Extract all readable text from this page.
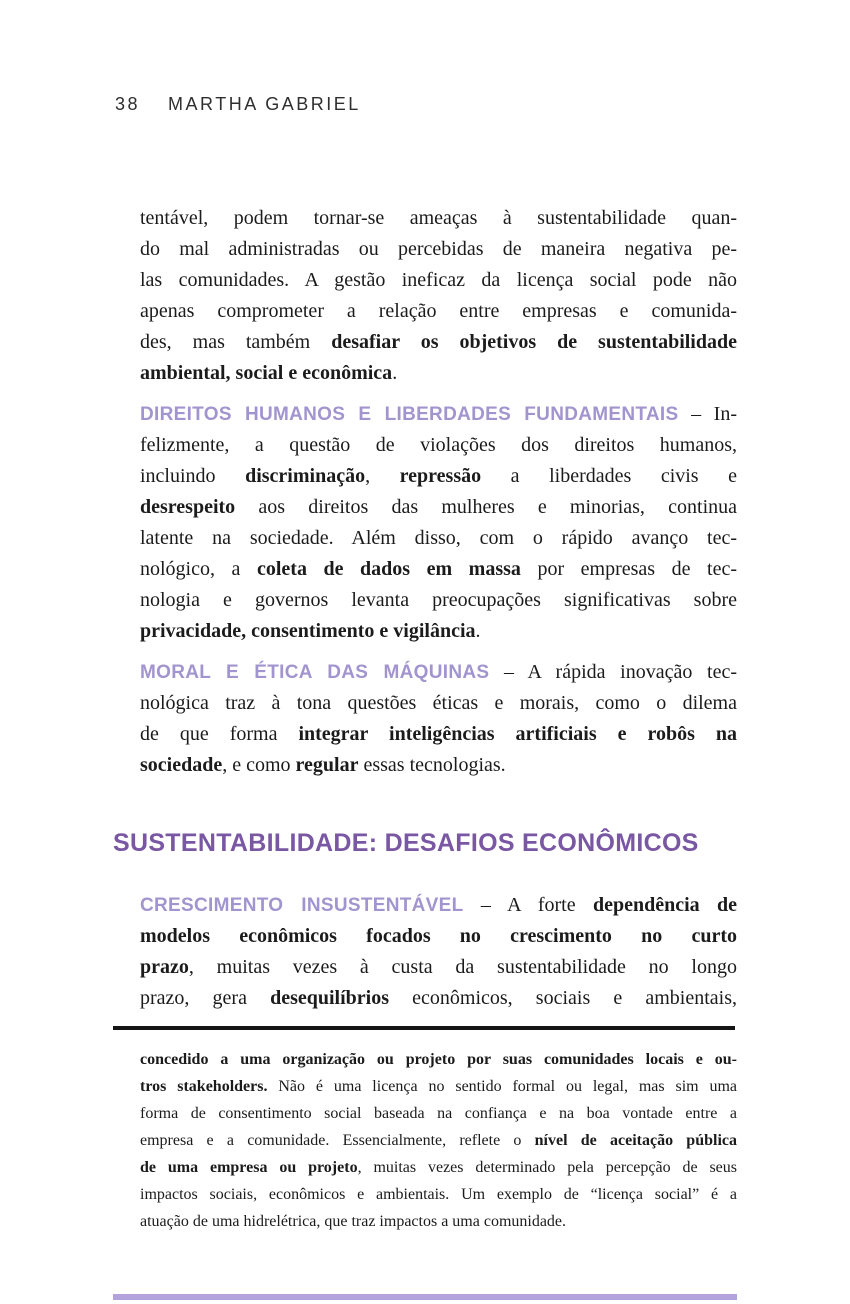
38 MARTHA GABRIEL
tentável, podem tornar-se ameaças à sustentabilidade quan-
do mal administradas ou percebidas de maneira negativa pe-
las comunidades. A gestão ineficaz da licença social pode não
apenas comprometer a relação entre empresas e comunida-
des, mas também desafiar os objetivos de sustentabilidade
ambiental, social e econômica.
DIREITOS HUMANOS E LIBERDADES FUNDAMENTAIS – In-
felizmente, a questão de violações dos direitos humanos,
incluindo discriminação, repressão a liberdades civis e
desrespeito aos direitos das mulheres e minorias, continua
latente na sociedade. Além disso, com o rápido avanço tec-
nológico, a coleta de dados em massa por empresas de tec-
nologia e governos levanta preocupações significativas sobre
privacidade, consentimento e vigilância.
MORAL E ÉTICA DAS MÁQUINAS – A rápida inovação tec-
nológica traz à tona questões éticas e morais, como o dilema
de que forma integrar inteligências artificiais e robôs na
sociedade, e como regular essas tecnologias.
SUSTENTABILIDADE: DESAFIOS ECONÔMICOS
CRESCIMENTO INSUSTENTÁVEL – A forte dependência de
modelos econômicos focados no crescimento no curto
prazo, muitas vezes à custa da sustentabilidade no longo
prazo, gera desequilíbrios econômicos, sociais e ambientais,
concedido a uma organização ou projeto por suas comunidades locais e ou-
tros stakeholders. Não é uma licença no sentido formal ou legal, mas sim uma
forma de consentimento social baseada na confiança e na boa vontade entre a
empresa e a comunidade. Essencialmente, reflete o nível de aceitação pública
de uma empresa ou projeto, muitas vezes determinado pela percepção de seus
impactos sociais, econômicos e ambientais. Um exemplo de “licença social” é a
atuação de uma hidrelétrica, que traz impactos a uma comunidade.
